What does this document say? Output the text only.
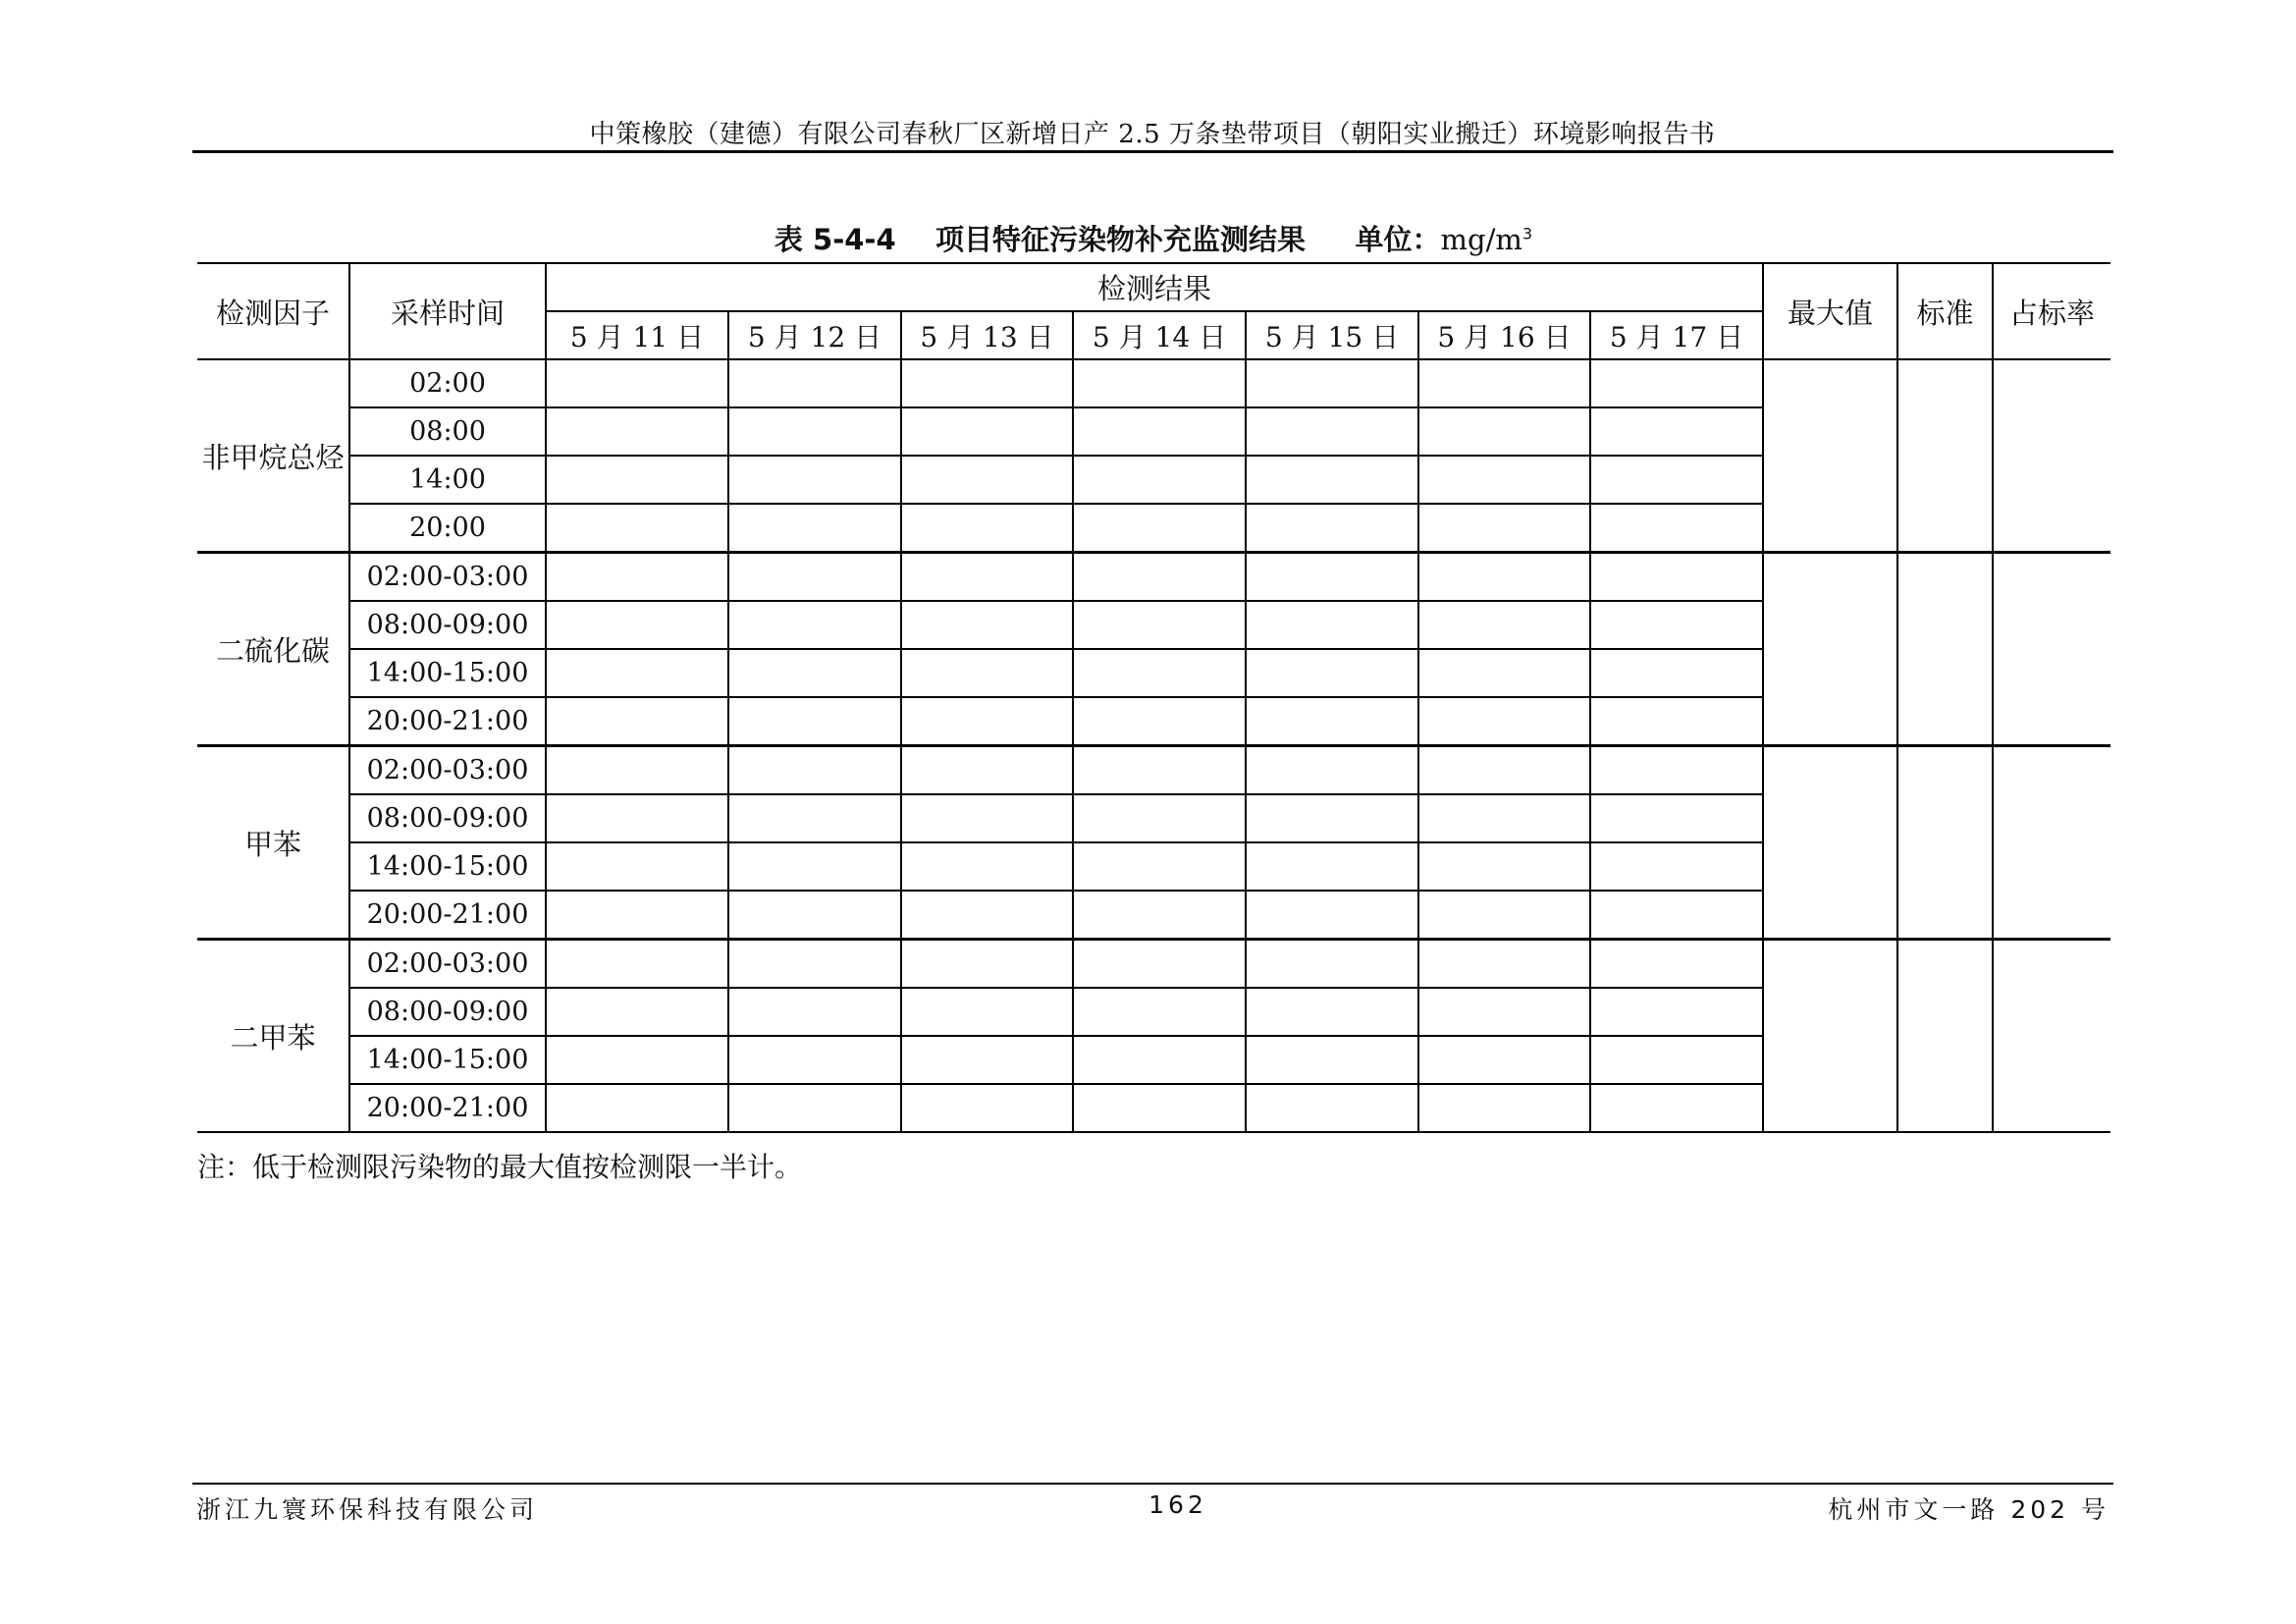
中策橡胶（建德）有限公司春秋厂区新增日产 2.5 万条垫带项目（朝阳实业搬迁）环境影响报告书
表 5-4-4 项目特征污染物补充监测结果 单位：$mg/m^3$
检测因子	采样时间	检测结果							最大值	标准	占标率
		5 月 11 日	5 月 12 日	5 月 13 日	5 月 14 日	5 月 15 日	5 月 16 日	5 月 17 日			
非甲烷总烃	02:00										
	08:00										
	14:00										
	20:00										
二硫化碳	02:00-03:00										
	08:00-09:00										
	14:00-15:00										
	20:00-21:00										
甲苯	02:00-03:00										
	08:00-09:00										
	14:00-15:00										
	20:00-21:00										
二甲苯	02:00-03:00										
	08:00-09:00										
	14:00-15:00										
	20:00-21:00										
注：低于检测限污染物的最大值按检测限一半计。
浙江九寰环保科技有限公司	162	杭州市文一路 202 号
